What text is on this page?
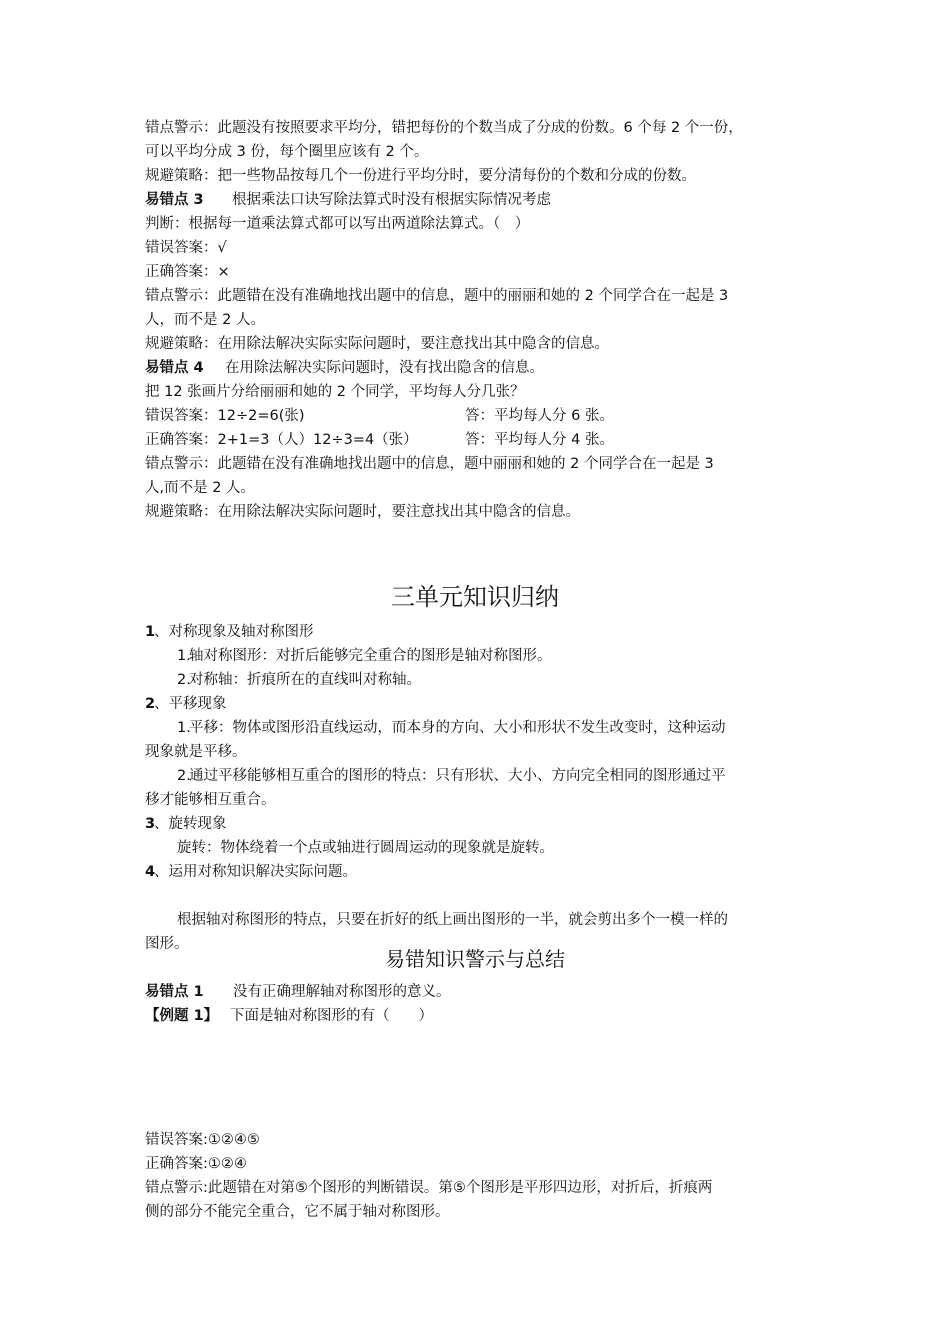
错点警示：此题没有按照要求平均分，错把每份的个数当成了分成的份数。6 个每 2 个一份，
可以平均分成 3 份，每个圈里应该有 2 个。
规避策略：把一些物品按每几个一份进行平均分时，要分清每份的个数和分成的份数。
易错点 3 根据乘法口诀写除法算式时没有根据实际情况考虑
判断：根据每一道乘法算式都可以写出两道除法算式。（　）
错误答案：√
正确答案：×
错点警示：此题错在没有准确地找出题中的信息，题中的丽丽和她的 2 个同学合在一起是 3
人，而不是 2 人。
规避策略：在用除法解决实际实际问题时，要注意找出其中隐含的信息。
易错点 4 在用除法解决实际问题时，没有找出隐含的信息。
把 12 张画片分给丽丽和她的 2 个同学，平均每人分几张？
错误答案：12÷2=6(张)	答：平均每人分 6 张。
正确答案：2+1=3（人）12÷3=4（张）	答：平均每人分 4 张。
错点警示：此题错在没有准确地找出题中的信息，题中丽丽和她的 2 个同学合在一起是 3
人,而不是 2 人。
规避策略：在用除法解决实际问题时，要注意找出其中隐含的信息。
三单元知识归纳
1
、对称现象及轴对称图形
1.
轴对称图形：对折后能够完全重合的图形是轴对称图形。
2.
对称轴：折痕所在的直线叫对称轴。
2
、平移现象
1.
平移：物体或图形沿直线运动，而本身的方向、大小和形状不发生改变时，这种运动
现象就是平移。
2.
通过平移能够相互重合的图形的特点：只有形状、大小、方向完全相同的图形通过平
移才能够相互重合。
3
、旋转现象
旋转：物体绕着一个点或轴进行圆周运动的现象就是旋转。
4
、运用对称知识解决实际问题。
根据轴对称图形的特点，只要在折好的纸上画出图形的一半，就会剪出多个一模一样的
图形。
易错知识警示与总结
易错点 1 没有正确理解轴对称图形的意义。
【例题 1】 下面是轴对称图形的有（　　）
错误答案:①②④⑤
正确答案:①②④
错点警示:此题错在对第⑤个图形的判断错误。第⑤个图形是平形四边形，对折后，折痕两
侧的部分不能完全重合，它不属于轴对称图形。
